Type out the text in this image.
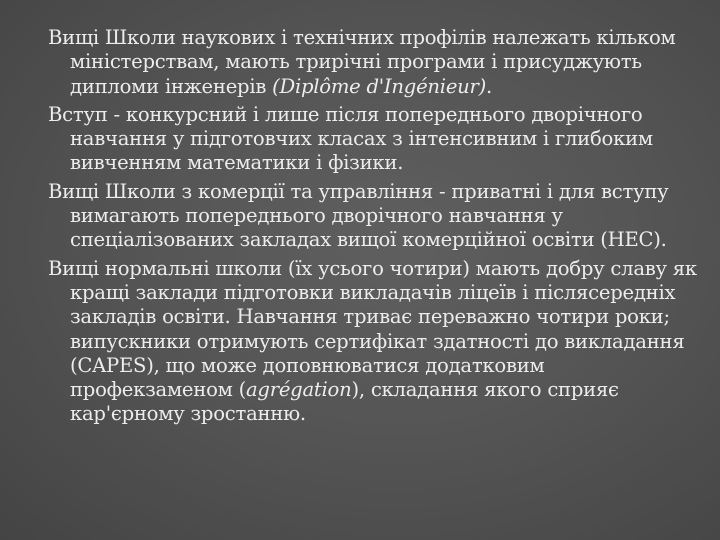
Вищі Школи наукових і технічних профілів належать кільком міністерствам, мають трирічні програми і присуджують дипломи інженерів (Diplôme d'Ingénieur).

Вступ - конкурсний і лише після попереднього дворічного навчання у підготовчих класах з інтенсивним і глибоким вивченням математики і фізики.

Вищі Школи з комерції та управління - приватні і для вступу вимагають попереднього дворічного навчання у спеціалізованих закладах вищої комерційної освіти (НЕС).

Вищі нормальні школи (їх усього чотири) мають добру славу як кращі заклади підготовки викладачів ліцеїв і післясередніх закладів освіти. Навчання триває переважно чотири роки; випускники отримують сертифікат здатності до викладання (CAPES), що може доповнюватися додатковим профекзаменом (agrégation), складання якого сприяє кар'єрному зростанню.
